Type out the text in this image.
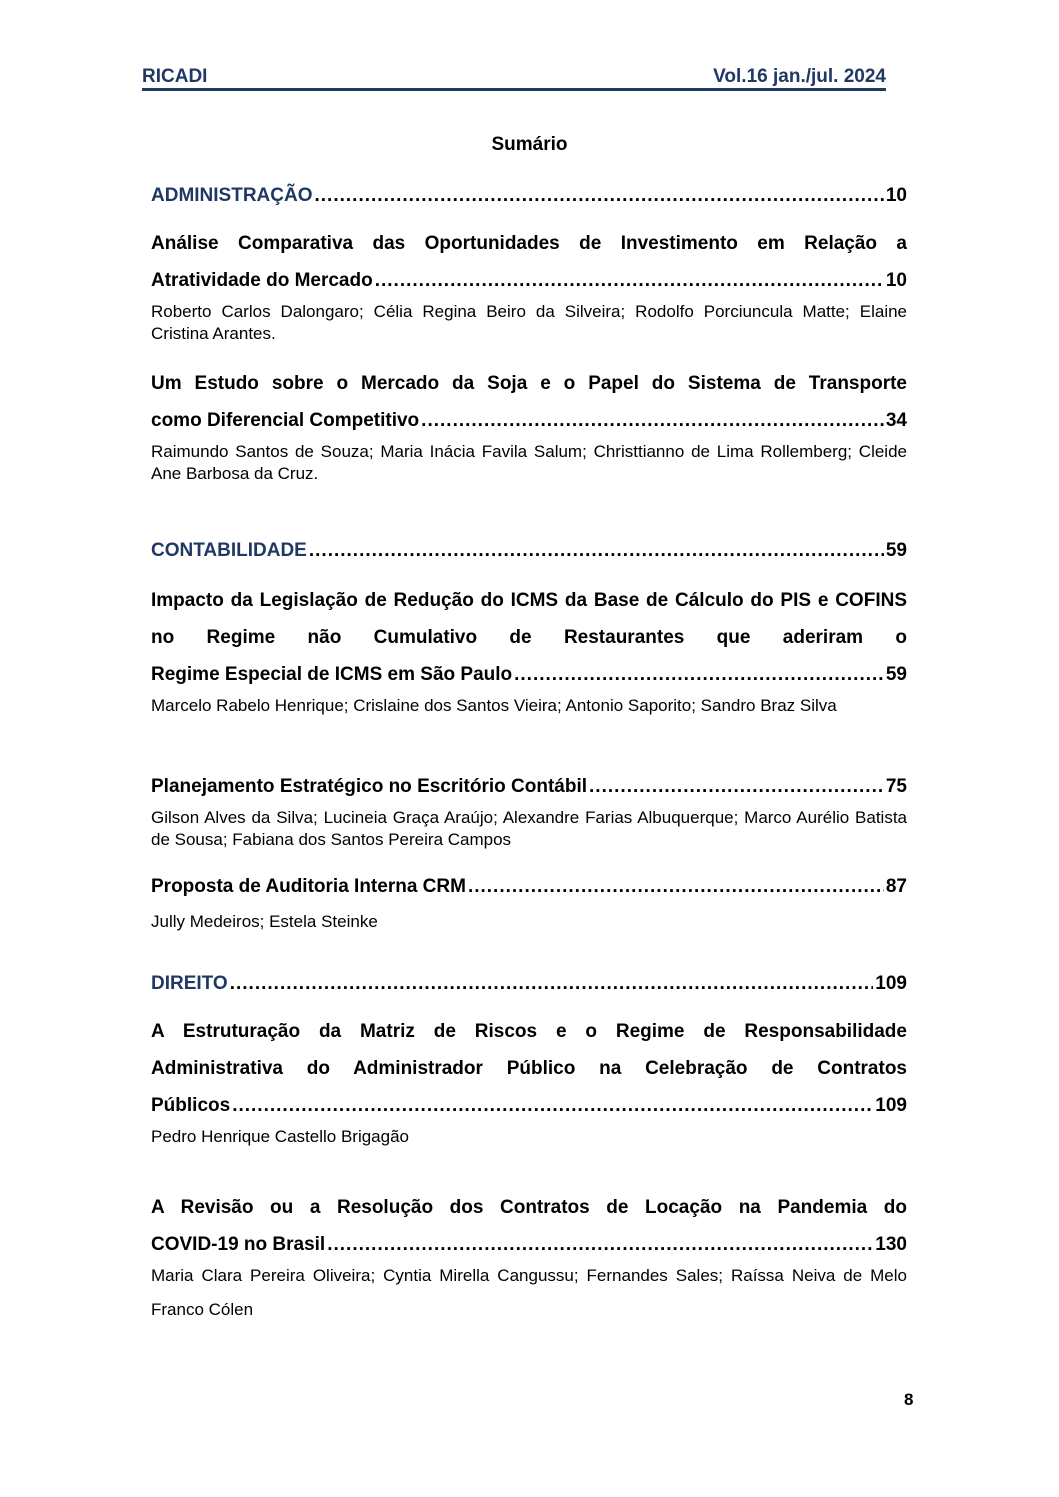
RICADI	Vol.16 jan./jul. 2024
Sumário
ADMINISTRAÇÃO .....	10
Análise Comparativa das Oportunidades de Investimento em Relação a
Atratividade do Mercado .....	10
Roberto Carlos Dalongaro; Célia Regina Beiro da Silveira; Rodolfo Porciuncula Matte; Elaine Cristina Arantes.
Um Estudo sobre o Mercado da Soja e o Papel do Sistema de Transporte
como Diferencial Competitivo .....	34
Raimundo Santos de Souza; Maria Inácia Favila Salum; Christtianno de Lima Rollemberg; Cleide Ane Barbosa da Cruz.
CONTABILIDADE .....	59
Impacto da Legislação de Redução do ICMS da Base de Cálculo do PIS e COFINS no Regime não Cumulativo de Restaurantes que aderiram o
Regime Especial de ICMS em São Paulo .....	59
Marcelo Rabelo Henrique; Crislaine dos Santos Vieira; Antonio Saporito; Sandro Braz Silva
Planejamento Estratégico no Escritório Contábil .....	75
Gilson Alves da Silva; Lucineia Graça Araújo; Alexandre Farias Albuquerque; Marco Aurélio Batista de Sousa; Fabiana dos Santos Pereira Campos
Proposta de Auditoria Interna CRM .....	87
Jully Medeiros; Estela Steinke
DIREITO .....	109
A Estruturação da Matriz de Riscos e o Regime de Responsabilidade Administrativa do Administrador Público na Celebração de Contratos
Públicos .....	109
Pedro Henrique Castello Brigagão
A Revisão ou a Resolução dos Contratos de Locação na Pandemia do
COVID-19 no Brasil .....	130
Maria Clara Pereira Oliveira; Cyntia Mirella Cangussu; Fernandes Sales; Raíssa Neiva de Melo Franco Cólen
8
